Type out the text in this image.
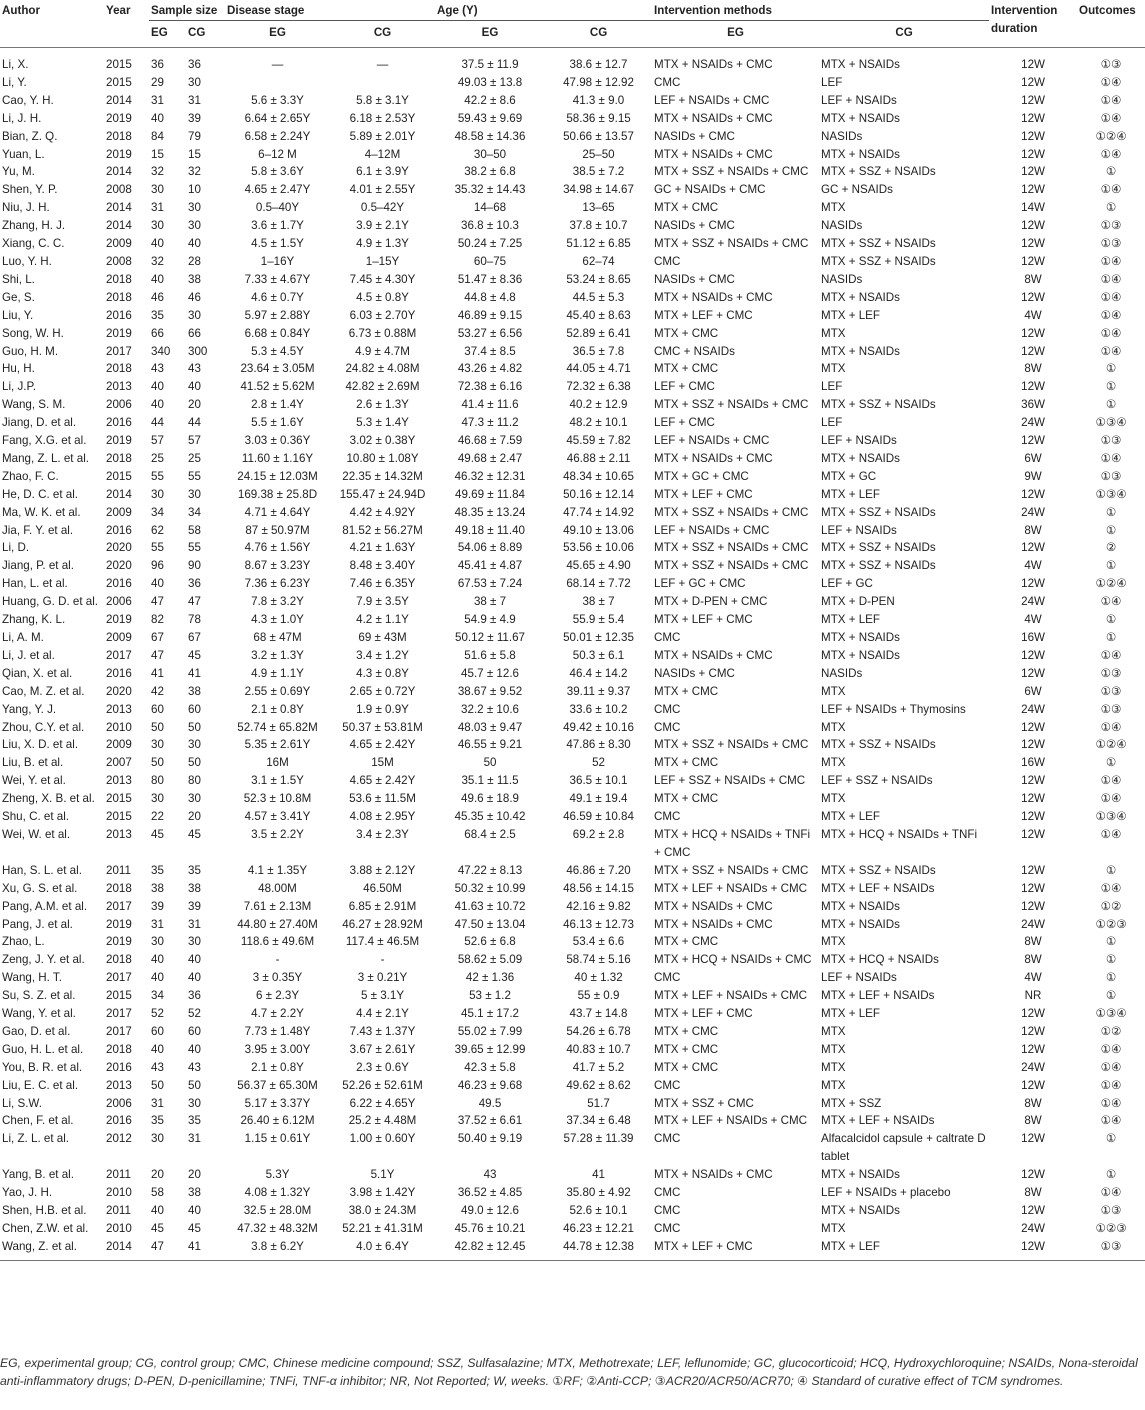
Author	Year	Sample size		Disease stage		Age (Y)		Intervention methods		Intervention duration	Outcomes
		EG	CG	EG	CG	EG	CG	EG	CG		

Li, X.	2015	36	36	—	—	37.5 ± 11.9	38.6 ± 12.7	MTX + NSAIDs + CMC	MTX + NSAIDs	12W	①③
Li, Y.	2015	29	30			49.03 ± 13.8	47.98 ± 12.92	CMC	LEF	12W	①④
Cao, Y. H.	2014	31	31	5.6 ± 3.3Y	5.8 ± 3.1Y	42.2 ± 8.6	41.3 ± 9.0	LEF + NSAIDs + CMC	LEF + NSAIDs	12W	①④
Li, J. H.	2019	40	39	6.64 ± 2.65Y	6.18 ± 2.53Y	59.43 ± 9.69	58.36 ± 9.15	MTX + NSAIDs + CMC	MTX + NSAIDs	12W	①④
Bian, Z. Q.	2018	84	79	6.58 ± 2.24Y	5.89 ± 2.01Y	48.58 ± 14.36	50.66 ± 13.57	NASIDs + CMC	NASIDs	12W	①②④
Yuan, L.	2019	15	15	6–12 M	4–12M	30–50	25–50	MTX + NSAIDs + CMC	MTX + NSAIDs	12W	①④
Yu, M.	2014	32	32	5.8 ± 3.6Y	6.1 ± 3.9Y	38.2 ± 6.8	38.5 ± 7.2	MTX + SSZ + NSAIDs + CMC	MTX + SSZ + NSAIDs	12W	①
Shen, Y. P.	2008	30	10	4.65 ± 2.47Y	4.01 ± 2.55Y	35.32 ± 14.43	34.98 ± 14.67	GC + NSAIDs + CMC	GC + NSAIDs	12W	①④
Niu, J. H.	2014	31	30	0.5–40Y	0.5–42Y	14–68	13–65	MTX + CMC	MTX	14W	①
Zhang, H. J.	2014	30	30	3.6 ± 1.7Y	3.9 ± 2.1Y	36.8 ± 10.3	37.8 ± 10.7	NASIDs + CMC	NASIDs	12W	①③
Xiang, C. C.	2009	40	40	4.5 ± 1.5Y	4.9 ± 1.3Y	50.24 ± 7.25	51.12 ± 6.85	MTX + SSZ + NSAIDs + CMC	MTX + SSZ + NSAIDs	12W	①③
Luo, Y. H.	2008	32	28	1–16Y	1–15Y	60–75	62–74	CMC	MTX + SSZ + NSAIDs	12W	①④
Shi, L.	2018	40	38	7.33 ± 4.67Y	7.45 ± 4.30Y	51.47 ± 8.36	53.24 ± 8.65	NASIDs + CMC	NASIDs	8W	①④
Ge, S.	2018	46	46	4.6 ± 0.7Y	4.5 ± 0.8Y	44.8 ± 4.8	44.5 ± 5.3	MTX + NSAIDs + CMC	MTX + NSAIDs	12W	①④
Liu, Y.	2016	35	30	5.97 ± 2.88Y	6.03 ± 2.70Y	46.89 ± 9.15	45.40 ± 8.63	MTX + LEF + CMC	MTX + LEF	4W	①④
Song, W. H.	2019	66	66	6.68 ± 0.84Y	6.73 ± 0.88M	53.27 ± 6.56	52.89 ± 6.41	MTX + CMC	MTX	12W	①④
Guo, H. M.	2017	340	300	5.3 ± 4.5Y	4.9 ± 4.7M	37.4 ± 8.5	36.5 ± 7.8	CMC + NSAIDs	MTX + NSAIDs	12W	①④
Hu, H.	2018	43	43	23.64 ± 3.05M	24.82 ± 4.08M	43.26 ± 4.82	44.05 ± 4.71	MTX + CMC	MTX	8W	①
Li, J.P.	2013	40	40	41.52 ± 5.62M	42.82 ± 2.69M	72.38 ± 6.16	72.32 ± 6.38	LEF + CMC	LEF	12W	①
Wang, S. M.	2006	40	20	2.8 ± 1.4Y	2.6 ± 1.3Y	41.4 ± 11.6	40.2 ± 12.9	MTX + SSZ + NSAIDs + CMC	MTX + SSZ + NSAIDs	36W	①
Jiang, D. et al.	2016	44	44	5.5 ± 1.6Y	5.3 ± 1.4Y	47.3 ± 11.2	48.2 ± 10.1	LEF + CMC	LEF	24W	①③④
Fang, X.G. et al.	2019	57	57	3.03 ± 0.36Y	3.02 ± 0.38Y	46.68 ± 7.59	45.59 ± 7.82	LEF + NSAIDs + CMC	LEF + NSAIDs	12W	①③
Mang, Z. L. et al.	2018	25	25	11.60 ± 1.16Y	10.80 ± 1.08Y	49.68 ± 2.47	46.88 ± 2.11	MTX + NSAIDs + CMC	MTX + NSAIDs	6W	①④
Zhao, F. C.	2015	55	55	24.15 ± 12.03M	22.35 ± 14.32M	46.32 ± 12.31	48.34 ± 10.65	MTX + GC + CMC	MTX + GC	9W	①③
He, D. C. et al.	2014	30	30	169.38 ± 25.8D	155.47 ± 24.94D	49.69 ± 11.84	50.16 ± 12.14	MTX + LEF + CMC	MTX + LEF	12W	①③④
Ma, W. K. et al.	2009	34	34	4.71 ± 4.64Y	4.42 ± 4.92Y	48.35 ± 13.24	47.74 ± 14.92	MTX + SSZ + NSAIDs + CMC	MTX + SSZ + NSAIDs	24W	①
Jia, F. Y. et al.	2016	62	58	87 ± 50.97M	81.52 ± 56.27M	49.18 ± 11.40	49.10 ± 13.06	LEF + NSAIDs + CMC	LEF + NSAIDs	8W	①
Li, D.	2020	55	55	4.76 ± 1.56Y	4.21 ± 1.63Y	54.06 ± 8.89	53.56 ± 10.06	MTX + SSZ + NSAIDs + CMC	MTX + SSZ + NSAIDs	12W	②
Jiang, P. et al.	2020	96	90	8.67 ± 3.23Y	8.48 ± 3.40Y	45.41 ± 4.87	45.65 ± 4.90	MTX + SSZ + NSAIDs + CMC	MTX + SSZ + NSAIDs	4W	①
Han, L. et al.	2016	40	36	7.36 ± 6.23Y	7.46 ± 6.35Y	67.53 ± 7.24	68.14 ± 7.72	LEF + GC + CMC	LEF + GC	12W	①②④
Huang, G. D. et al.	2006	47	47	7.8 ± 3.2Y	7.9 ± 3.5Y	38 ± 7	38 ± 7	MTX + D-PEN + CMC	MTX + D-PEN	24W	①④
Zhang, K. L.	2019	82	78	4.3 ± 1.0Y	4.2 ± 1.1Y	54.9 ± 4.9	55.9 ± 5.4	MTX + LEF + CMC	MTX + LEF	4W	①
Li, A. M.	2009	67	67	68 ± 47M	69 ± 43M	50.12 ± 11.67	50.01 ± 12.35	CMC	MTX + NSAIDs	16W	①
Li, J. et al.	2017	47	45	3.2 ± 1.3Y	3.4 ± 1.2Y	51.6 ± 5.8	50.3 ± 6.1	MTX + NSAIDs + CMC	MTX + NSAIDs	12W	①④
Qian, X. et al.	2016	41	41	4.9 ± 1.1Y	4.3 ± 0.8Y	45.7 ± 12.6	46.4 ± 14.2	NASIDs + CMC	NASIDs	12W	①③
Cao, M. Z. et al.	2020	42	38	2.55 ± 0.69Y	2.65 ± 0.72Y	38.67 ± 9.52	39.11 ± 9.37	MTX + CMC	MTX	6W	①③
Yang, Y. J.	2013	60	60	2.1 ± 0.8Y	1.9 ± 0.9Y	32.2 ± 10.6	33.6 ± 10.2	CMC	LEF + NSAIDs + Thymosins	24W	①③
Zhou, C.Y. et al.	2010	50	50	52.74 ± 65.82M	50.37 ± 53.81M	48.03 ± 9.47	49.42 ± 10.16	CMC	MTX	12W	①④
Liu, X. D. et al.	2009	30	30	5.35 ± 2.61Y	4.65 ± 2.42Y	46.55 ± 9.21	47.86 ± 8.30	MTX + SSZ + NSAIDs + CMC	MTX + SSZ + NSAIDs	12W	①②④
Liu, B. et al.	2007	50	50	16M	15M	50	52	MTX + CMC	MTX	16W	①
Wei, Y. et al.	2013	80	80	3.1 ± 1.5Y	4.65 ± 2.42Y	35.1 ± 11.5	36.5 ± 10.1	LEF + SSZ + NSAIDs + CMC	LEF + SSZ + NSAIDs	12W	①④
Zheng, X. B. et al.	2015	30	30	52.3 ± 10.8M	53.6 ± 11.5M	49.6 ± 18.9	49.1 ± 19.4	MTX + CMC	MTX	12W	①④
Shu, C. et al.	2015	22	20	4.57 ± 3.41Y	4.08 ± 2.95Y	45.35 ± 10.42	46.59 ± 10.84	CMC	MTX + LEF	12W	①③④
Wei, W. et al.	2013	45	45	3.5 ± 2.2Y	3.4 ± 2.3Y	68.4 ± 2.5	69.2 ± 2.8	MTX + HCQ + NSAIDs + TNFi + CMC	MTX + HCQ + NSAIDs + TNFi	12W	①④
Han, S. L. et al.	2011	35	35	4.1 ± 1.35Y	3.88 ± 2.12Y	47.22 ± 8.13	46.86 ± 7.20	MTX + SSZ + NSAIDs + CMC	MTX + SSZ + NSAIDs	12W	①
Xu, G. S. et al.	2018	38	38	48.00M	46.50M	50.32 ± 10.99	48.56 ± 14.15	MTX + LEF + NSAIDs + CMC	MTX + LEF + NSAIDs	12W	①④
Pang, A.M. et al.	2017	39	39	7.61 ± 2.13M	6.85 ± 2.91M	41.63 ± 10.72	42.16 ± 9.82	MTX + NSAIDs + CMC	MTX + NSAIDs	12W	①②
Pang, J. et al.	2019	31	31	44.80 ± 27.40M	46.27 ± 28.92M	47.50 ± 13.04	46.13 ± 12.73	MTX + NSAIDs + CMC	MTX + NSAIDs	24W	①②③
Zhao, L.	2019	30	30	118.6 ± 49.6M	117.4 ± 46.5M	52.6 ± 6.8	53.4 ± 6.6	MTX + CMC	MTX	8W	①
Zeng, J. Y. et al.	2018	40	40	-	-	58.62 ± 5.09	58.74 ± 5.16	MTX + HCQ + NSAIDs + CMC	MTX + HCQ + NSAIDs	8W	①
Wang, H. T.	2017	40	40	3 ± 0.35Y	3 ± 0.21Y	42 ± 1.36	40 ± 1.32	CMC	LEF + NSAIDs	4W	①
Su, S. Z. et al.	2015	34	36	6 ± 2.3Y	5 ± 3.1Y	53 ± 1.2	55 ± 0.9	MTX + LEF + NSAIDs + CMC	MTX + LEF + NSAIDs	NR	①
Wang, Y. et al.	2017	52	52	4.7 ± 2.2Y	4.4 ± 2.1Y	45.1 ± 17.2	43.7 ± 14.8	MTX + LEF + CMC	MTX + LEF	12W	①③④
Gao, D. et al.	2017	60	60	7.73 ± 1.48Y	7.43 ± 1.37Y	55.02 ± 7.99	54.26 ± 6.78	MTX + CMC	MTX	12W	①②
Guo, H. L. et al.	2018	40	40	3.95 ± 3.00Y	3.67 ± 2.61Y	39.65 ± 12.99	40.83 ± 10.7	MTX + CMC	MTX	12W	①④
You, B. R. et al.	2016	43	43	2.1 ± 0.8Y	2.3 ± 0.6Y	42.3 ± 5.8	41.7 ± 5.2	MTX + CMC	MTX	24W	①④
Liu, E. C. et al.	2013	50	50	56.37 ± 65.30M	52.26 ± 52.61M	46.23 ± 9.68	49.62 ± 8.62	CMC	MTX	12W	①④
Li, S.W.	2006	31	30	5.17 ± 3.37Y	6.22 ± 4.65Y	49.5	51.7	MTX + SSZ + CMC	MTX + SSZ	8W	①④
Chen, F. et al.	2016	35	35	26.40 ± 6.12M	25.2 ± 4.48M	37.52 ± 6.61	37.34 ± 6.48	MTX + LEF + NSAIDs + CMC	MTX + LEF + NSAIDs	8W	①④
Li, Z. L. et al.	2012	30	31	1.15 ± 0.61Y	1.00 ± 0.60Y	50.40 ± 9.19	57.28 ± 11.39	CMC	Alfacalcidol capsule + caltrate D tablet	12W	①
Yang, B. et al.	2011	20	20	5.3Y	5.1Y	43	41	MTX + NSAIDs + CMC	MTX + NSAIDs	12W	①
Yao, J. H.	2010	58	38	4.08 ± 1.32Y	3.98 ± 1.42Y	36.52 ± 4.85	35.80 ± 4.92	CMC	LEF + NSAIDs + placebo	8W	①④
Shen, H.B. et al.	2011	40	40	32.5 ± 28.0M	38.0 ± 24.3M	49.0 ± 12.6	52.6 ± 10.1	CMC	MTX + NSAIDs	12W	①③
Chen, Z.W. et al.	2010	45	45	47.32 ± 48.32M	52.21 ± 41.31M	45.76 ± 10.21	46.23 ± 12.21	CMC	MTX	24W	①②③
Wang, Z. et al.	2014	47	41	3.8 ± 6.2Y	4.0 ± 6.4Y	42.82 ± 12.45	44.78 ± 12.38	MTX + LEF + CMC	MTX + LEF	12W	①③
EG, experimental group; CG, control group; CMC, Chinese medicine compound; SSZ, Sulfasalazine; MTX, Methotrexate; LEF, leflunomide; GC, glucocorticoid; HCQ, Hydroxychloroquine; NSAIDs, Nona-steroidal anti-inflammatory drugs; D-PEN, D-penicillamine; TNFi, TNF-α inhibitor; NR, Not Reported; W, weeks. ①RF; ②Anti-CCP; ③ACR20/ACR50/ACR70; ④ Standard of curative effect of TCM syndromes.
